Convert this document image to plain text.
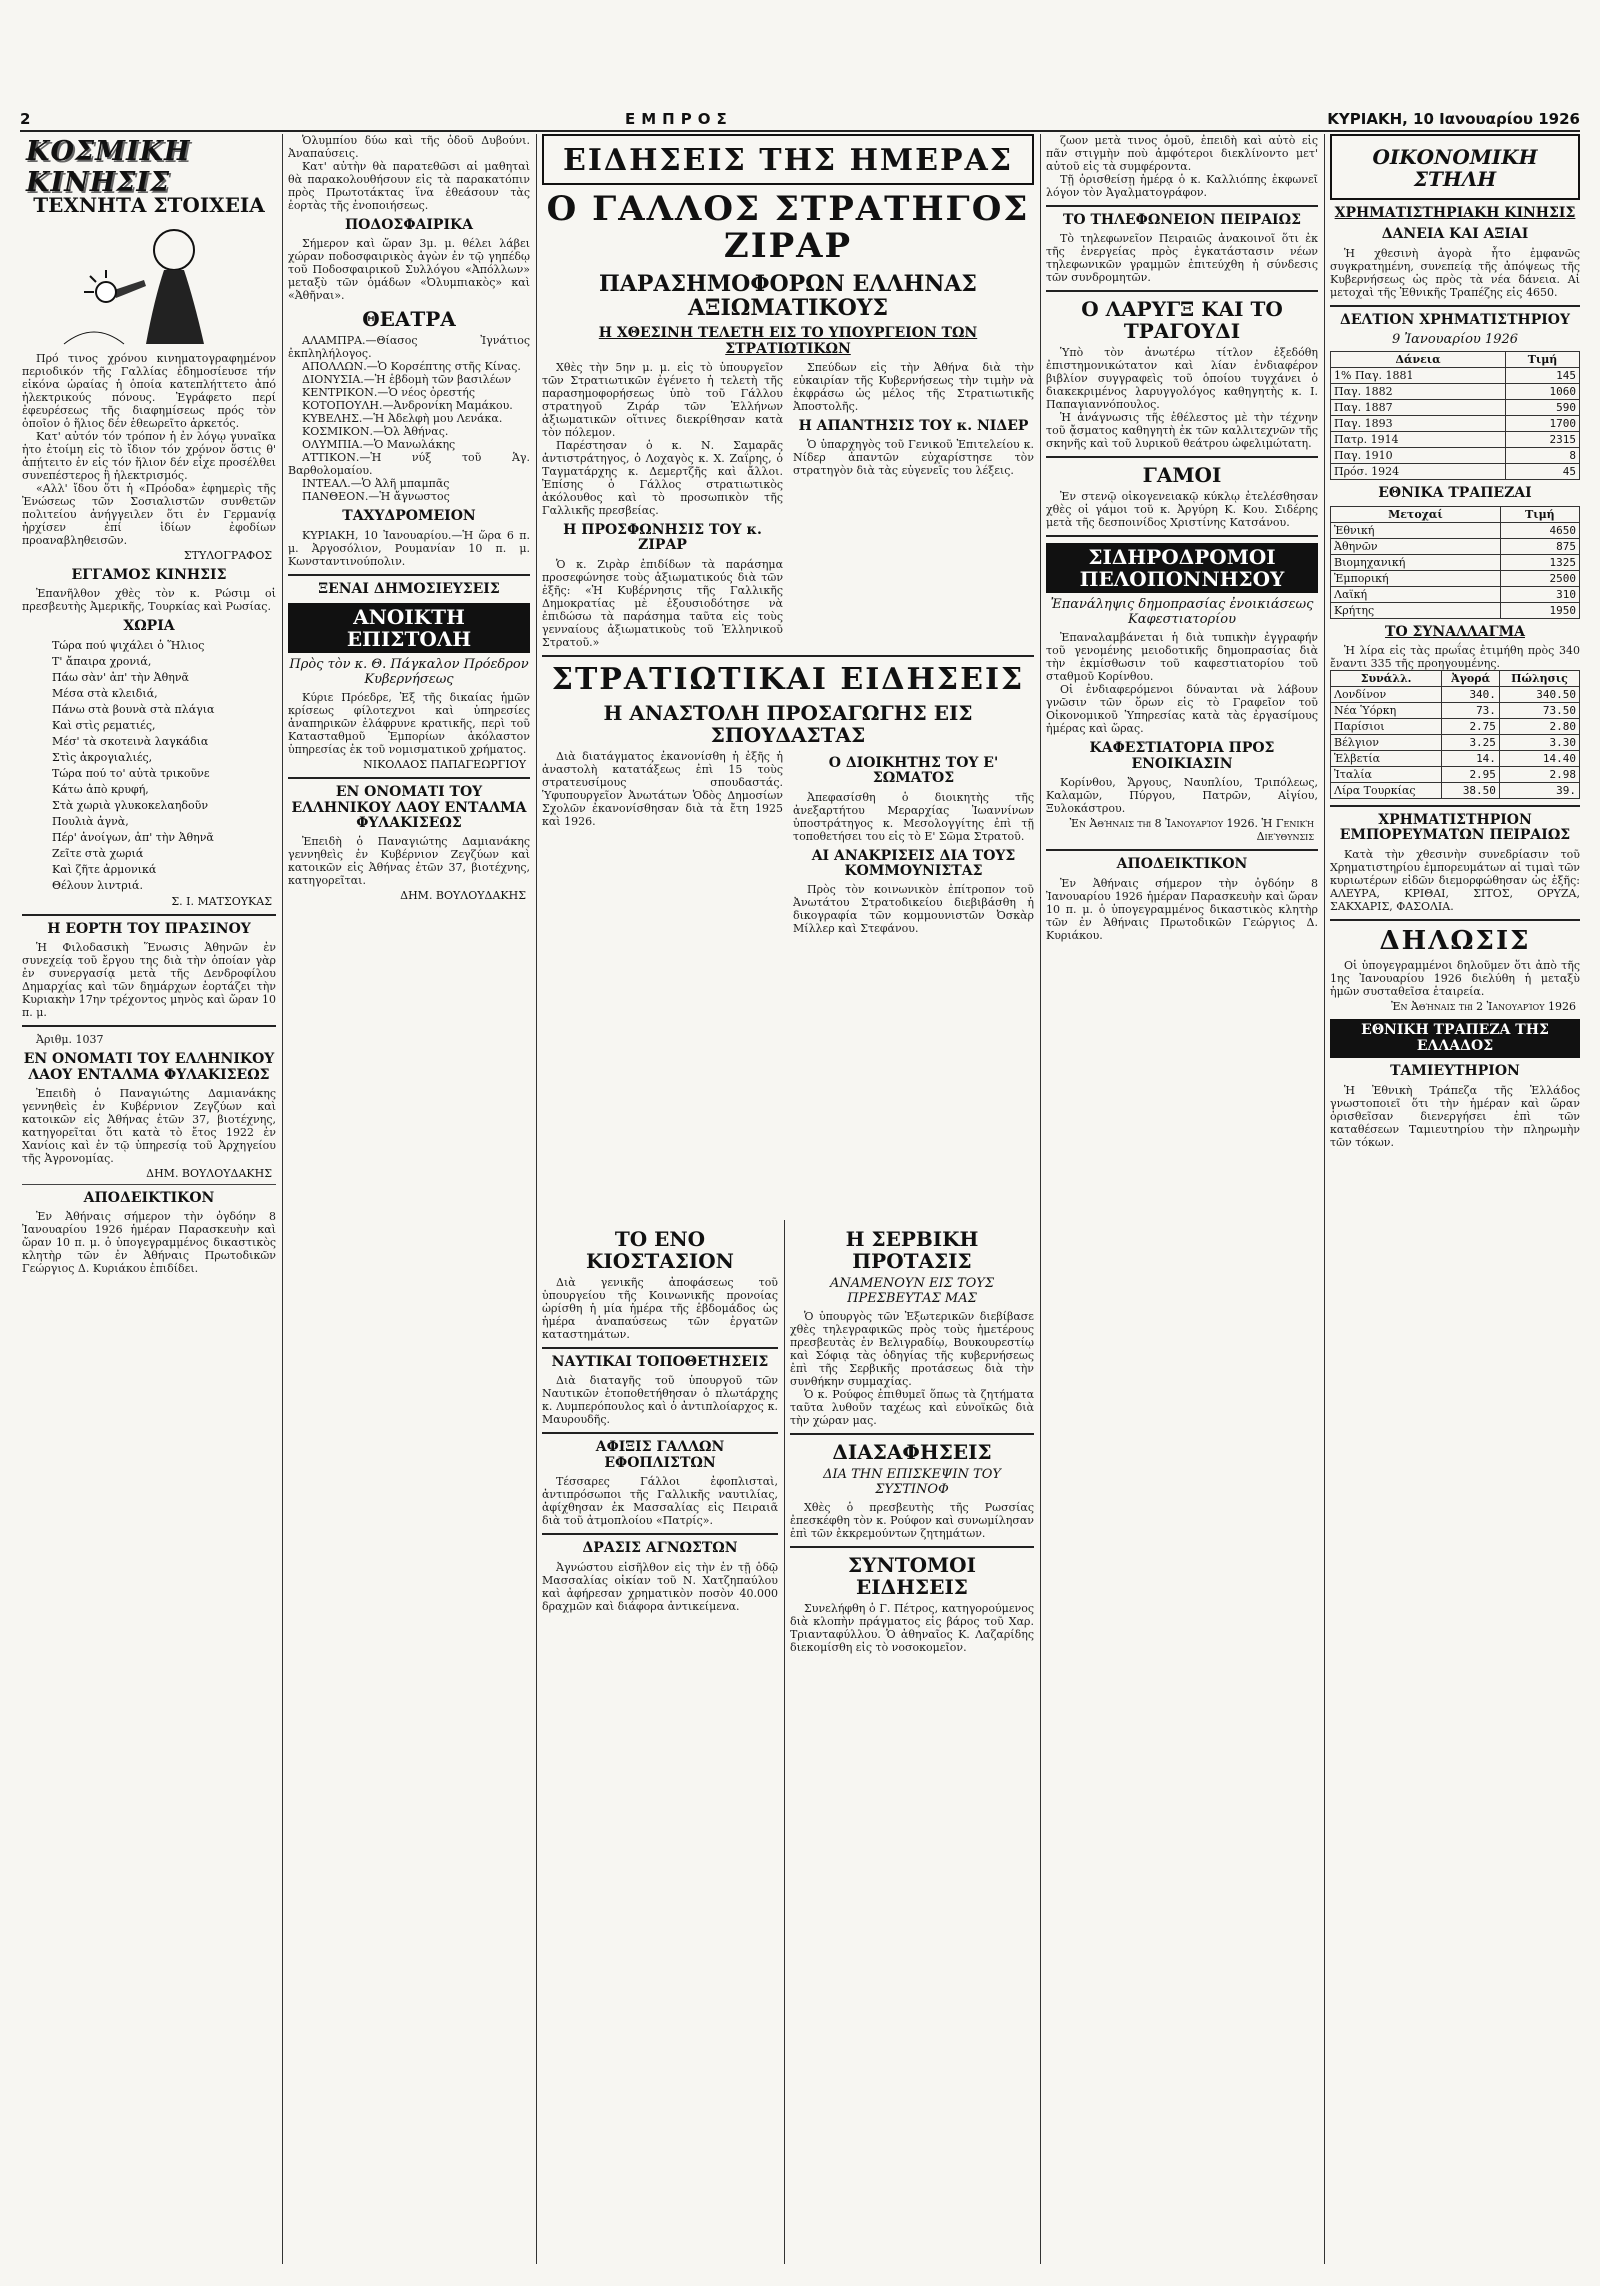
2	ΕΜΠΡΟΣ	ΚΥΡΙΑΚΗ, 10 Ιανουαρίου 1926
ΚΟΣΜΙΚΗ ΚΙΝΗΣΙΣ
ΤΕΧΝΗΤΑ ΣΤΟΙΧΕΙΑ

Πρό τινος χρόνου κινηματογραφημένον περιοδικόν τῆς Γαλλίας ἐδημοσίευσε τήν εἰκόνα ὡραίας ἡ ὁποία κατεπλήττετο ἀπό ἠλεκτρικούς πόνους. Ἐγράφετο περί ἐφευρέσεως τῆς διαφημίσεως πρός τὸν ὁποῖον ὁ ἥλιος δέν ἐθεωρεῖτο ἀρκετός.

Κατ' αὐτόν τόν τρόπον ἡ ἐν λόγῳ γυναῖκα ἡτο ἐτοίμη εἰς τὸ ἴδιον τόν χρόνον ὅστις θ' ἀπῄτειτο ἐν εἰς τόν ἥλιον δέν εἶχε προσέλθει συνεπέστερος ἢ ἠλεκτρισμός.

«Αλλ' ἴδου ὅτι ἡ «Πρόοδα» ἐφημερὶς τῆς Ἐνώσεως τῶν Σοσιαλιστῶν συνθετῶν πολιτείου ἀνήγγειλεν ὅτι ἐν Γερμανίᾳ ἠρχίσεν ἐπί ἰδίων ἐφοδίων προαναβληθεισῶν.

ΣΤΥΛΟΓΡΑΦΟΣ
ΕΓΓΑΜΟΣ ΚΙΝΗΣΙΣ

Ἐπανῆλθον χθὲς τὸν κ. Ρώσιμ οἱ πρεσβευτὴς Ἀμερικῆς, Τουρκίας καὶ Ρωσίας.

ΧΩΡΙΑ
Τώρα πού ψιχάλει ὁ Ἥλιος
Τ' ἄπαιρα χρονιά,
Πάω σὰν' ἀπ' τὴν Ἀθηνᾶ
Μέσα στὰ κλειδιά,
Πάνω στὰ βουνὰ στὰ πλάγια
Καὶ στὶς ρεματιές,
Μέσ' τὰ σκοτεινὰ λαγκάδια
Στὶς ἀκρογιαλιές,
Τώρα πού το' αὐτὰ τρικοῦνε
Κάτω ἀπὸ κρυφή,
Στὰ χωριὰ γλυκοκελαηδοῦν
Πουλιὰ ἀγνὰ,
Πέρ' ἀνοίγων, ἀπ' τὴν Ἀθηνᾶ
Ζεῖτε στὰ χωριά
Καὶ ζῆτε ἀρμονικά
Θέλουν λιντριά.
Σ. Ι. ΜΑΤΣΟΥΚΑΣ
Η ΕΟΡΤΗ ΤΟΥ ΠΡΑΣΙΝΟΥ

Ἡ Φιλοδασικὴ Ἕνωσις Ἀθηνῶν ἐν συνεχείᾳ τοῦ ἔργου της διὰ τὴν ὁποίαν γὰρ ἐν συνεργασίᾳ μετὰ τῆς Δενδροφίλου Δημαρχίας καὶ τῶν δημάρχων ἑορτάζει τὴν Κυριακὴν 17ην τρέχοντος μηνὸς καὶ ὥραν 10 π. μ.

Ἀριθμ. 1037
ΕΝ ΟΝΟΜΑΤΙ ΤΟΥ ΕΛΛΗΝΙΚΟΥ ΛΑΟΥ ΕΝΤΑΛΜΑ ΦΥΛΑΚΙΣΕΩΣ

Ἐπειδὴ ὁ Παναγιώτης Δαμιανάκης γεννηθεὶς ἐν Κυβέρνιον Ζεγζύων καὶ κατοικῶν εἰς Ἀθήνας ἐτῶν 37, βιοτέχνης, κατηγορεῖται ὅτι κατὰ τὸ ἔτος 1922 ἐν Χανίοις καὶ ἐν τῷ ὑπηρεσίᾳ τοῦ Ἀρχηγείου τῆς Ἀγρονομίας.

ΔΗΜ. ΒΟΥΛΟΥΔΑΚΗΣ
ΑΠΟΔΕΙΚΤΙΚΟΝ

Ἐν Ἀθήναις σήμερον τὴν ὀγδόην 8 Ἰανουαρίου 1926 ἡμέραν Παρασκευὴν καὶ ὥραν 10 π. μ. ὁ ὑπογεγραμμένος δικαστικὸς κλητὴρ τῶν ἐν Ἀθήναις Πρωτοδικῶν Γεώργιος Δ. Κυριάκου ἐπιδίδει.

Ὁλυμπίου δύω καὶ τῆς ὁδοῦ Δυβούνι. Ἀναπαύσεις.

Κατ' αὐτὴν θὰ παρατεθῶσι αἱ μαθηταὶ θὰ παρακολουθήσουν εἰς τὰ παρακατόπιν πρὸς Πρωτοτάκτας ἵνα ἐθεάσουν τὰς ἑορτὰς τῆς ἐνοποιήσεως.

ΠΟΔΟΣΦΑΙΡΙΚΑ

Σήμερον καὶ ὥραν 3μ. μ. θέλει λάβει χώραν ποδοσφαιρικὸς ἀγὼν ἐν τῷ γηπέδῳ τοῦ Ποδοσφαιρικοῦ Συλλόγου «Ἀπόλλων» μεταξὺ τῶν ὁμάδων «Ὀλυμπιακὸς» καὶ «Ἀθῆναι».

ΘΕΑΤΡΑ

ΑΛΑΜΠΡΑ.—Θίασος Ἰγνάτιος ἐκπληλήλογος.

ΑΠΟΛΛΩΝ.—Ὁ Κορσέπτης στῆς Κίνας.

ΔΙΟΝΥΣΙΑ.—Ἡ ἑβδομὴ τῶν βασιλέων

ΚΕΝΤΡΙΚΟΝ.—Ὁ νέος ὀρεστής

ΚΟΤΟΠΟΥΛΗ.—Ἀνδρονίκη Μαμάκου.

ΚΥΒΕΛΗΣ.—Ἡ Ἀδελφὴ μου Λενάκα.

ΚΟΣΜΙΚΟΝ.—Ὀλ Ἀθήνας.

ΟΛΥΜΠΙΑ.—Ὁ Μανωλάκης

ΑΤΤΙΚΟΝ.—Ἡ νύξ τοῦ Ἁγ. Βαρθολομαίου.

ΙΝΤΕΑΛ.—Ὁ Ἀλῆ μπαμπᾶς

ΠΑΝΘΕΟΝ.—Ἡ ἄγνωστος

ΤΑΧΥΔΡΟΜΕΙΟΝ

ΚΥΡΙΑΚΗ, 10 Ἰανουαρίου.—Ἡ ὥρα 6 π. μ. Ἀργοσόλιον, Ρουμανίαν 10 π. μ. Κωνσταντινούπολιν.

ΞΕΝΑΙ ΔΗΜΟΣΙΕΥΣΕΙΣ
ΑΝΟΙΚΤΗ ΕΠΙΣΤΟΛΗ
Πρὸς τὸν κ. Θ. Πάγκαλον Πρόεδρον Κυβερνήσεως

Κύριε Πρόεδρε, Ἐξ τῆς δικαίας ἡμῶν κρίσεως φίλοτεχνοι καὶ ὑπηρεσίες ἀναπηρικῶν ἐλάφρυνε κρατικῆς, περὶ τοῦ Κατασταθμοῦ Ἐμπορίων ἀκόλαστον ὑπηρεσίας ἐκ τοῦ νομισματικοῦ χρήματος.

ΝΙΚΟΛΑΟΣ ΠΑΠΑΓΕΩΡΓΙΟΥ
ΕΝ ΟΝΟΜΑΤΙ ΤΟΥ ΕΛΛΗΝΙΚΟΥ ΛΑΟΥ ΕΝΤΑΛΜΑ ΦΥΛΑΚΙΣΕΩΣ

Ἐπειδὴ ὁ Παναγιώτης Δαμιανάκης γεννηθεὶς ἐν Κυβέρνιον Ζεγζύων καὶ κατοικῶν εἰς Ἀθήνας ἐτῶν 37, βιοτέχνης, κατηγορεῖται.

ΔΗΜ. ΒΟΥΛΟΥΔΑΚΗΣ
ΕΙΔΗΣΕΙΣ ΤΗΣ ΗΜΕΡΑΣ
Ο ΓΑΛΛΟΣ ΣΤΡΑΤΗΓΟΣ ΖΙΡΑΡ
ΠΑΡΑΣΗΜΟΦΟΡΩΝ ΕΛΛΗΝΑΣ ΑΞΙΩΜΑΤΙΚΟΥΣ
Η ΧΘΕΣΙΝΗ ΤΕΛΕΤΗ ΕΙΣ ΤΟ ΥΠΟΥΡΓΕΙΟΝ ΤΩΝ ΣΤΡΑΤΙΩΤΙΚΩΝ

Χθὲς τὴν 5ην μ. μ. εἰς τὸ ὑπουργεῖον τῶν Στρατιωτικῶν ἐγένετο ἡ τελετὴ τῆς παρασημοφορήσεως ὑπὸ τοῦ Γάλλου στρατηγοῦ Ζιράρ τῶν Ἑλλήνων ἀξιωματικῶν οἵτινες διεκρίθησαν κατὰ τὸν πόλεμον.

Παρέστησαν ὁ κ. Ν. Σαμαρᾶς ἀντιστράτηγος, ὁ Λοχαγὸς κ. Χ. Ζαΐρης, ὁ Ταγματάρχης κ. Δεμερτζῆς καὶ ἄλλοι. Ἐπίσης ὁ Γάλλος στρατιωτικὸς ἀκόλουθος καὶ τὸ προσωπικὸν τῆς Γαλλικῆς πρεσβείας.

Η ΠΡΟΣΦΩΝΗΣΙΣ ΤΟΥ κ. ΖΙΡΑΡ

Ὁ κ. Ζιρὰρ ἐπιδίδων τὰ παράσημα προσεφώνησε τοὺς ἀξιωματικούς διὰ τῶν ἑξῆς: «Ἡ Κυβέρνησις τῆς Γαλλικῆς Δημοκρατίας μὲ ἐξουσιοδότησε νὰ ἐπιδώσω τὰ παράσημα ταῦτα εἰς τοὺς γενναίους ἀξιωματικοὺς τοῦ Ἑλληνικοῦ Στρατοῦ.»

Σπεύδων εἰς τὴν Ἀθήνα διὰ τὴν εὐκαιρίαν τῆς Κυβερνήσεως τὴν τιμὴν νὰ ἐκφράσω ὡς μέλος τῆς Στρατιωτικῆς Ἀποστολῆς.

Η ΑΠΑΝΤΗΣΙΣ ΤΟΥ κ. ΝΙΔΕΡ

Ὁ ὑπαρχηγὸς τοῦ Γενικοῦ Ἐπιτελείου κ. Νίδερ ἀπαντῶν εὐχαρίστησε τὸν στρατηγὸν διὰ τὰς εὐγενεῖς του λέξεις.

ΣΤΡΑΤΙΩΤΙΚΑΙ ΕΙΔΗΣΕΙΣ
Η ΑΝΑΣΤΟΛΗ ΠΡΟΣΑΓΩΓΗΣ ΕΙΣ ΣΠΟΥΔΑΣΤΑΣ

Διὰ διατάγματος ἐκανονίσθη ἡ ἐξῆς ἡ ἀναστολὴ κατατάξεως ἐπὶ 15 τοὺς στρατευσίμους σπουδαστάς. Ὑφυπουργεῖον Ἀνωτάτων Ὁδὸς Δημοσίων Σχολῶν ἐκανονίσθησαν διὰ τὰ ἔτη 1925 καὶ 1926.

Ο ΔΙΟΙΚΗΤΗΣ ΤΟΥ Ε' ΣΩΜΑΤΟΣ

Ἀπεφασίσθη ὁ διοικητὴς τῆς ἀνεξαρτήτου Μεραρχίας Ἰωαννίνων ὑποστράτηγος κ. Μεσολογγίτης ἐπὶ τῇ τοποθετήσει του εἰς τὸ Ε' Σῶμα Στρατοῦ.

ΑΙ ΑΝΑΚΡΙΣΕΙΣ ΔΙΑ ΤΟΥΣ ΚΟΜΜΟΥΝΙΣΤΑΣ

Πρὸς τὸν κοινωνικὸν ἐπίτροπον τοῦ Ἀνωτάτου Στρατοδικείου διεβιβάσθη ἡ δικογραφία τῶν κομμουνιστῶν Ὀσκὰρ Μίλλερ καὶ Στεφάνου.

ΤΟ ΕΝΟ ΚΙΟΣΤΑΣΙΟΝ

Διὰ γενικῆς ἀποφάσεως τοῦ ὑπουργείου τῆς Κοινωνικῆς προνοίας ὡρίσθη ἡ μία ἡμέρα τῆς ἑβδομάδος ὡς ἡμέρα ἀναπαύσεως τῶν ἐργατῶν καταστημάτων.

ΝΑΥΤΙΚΑΙ ΤΟΠΟΘΕΤΗΣΕΙΣ

Διὰ διαταγῆς τοῦ ὑπουργοῦ τῶν Ναυτικῶν ἐτοποθετήθησαν ὁ πλωτάρχης κ. Λυμπερόπουλος καὶ ὁ ἀντιπλοίαρχος κ. Μαυρουδῆς.

ΑΦΙΞΙΣ ΓΑΛΛΩΝ ΕΦΟΠΛΙΣΤΩΝ

Τέσσαρες Γάλλοι ἐφοπλισταὶ, ἀντιπρόσωποι τῆς Γαλλικῆς ναυτιλίας, ἀφίχθησαν ἐκ Μασσαλίας εἰς Πειραιᾶ διὰ τοῦ ἀτμοπλοίου «Πατρίς».

ΔΡΑΣΙΣ ΑΓΝΩΣΤΩΝ

Ἀγνώστου εἰσῆλθον εἰς τὴν ἐν τῇ ὁδῷ Μασσαλίας οἰκίαν τοῦ Ν. Χατζηπαύλου καὶ ἀφήρεσαν χρηματικὸν ποσὸν 40.000 δραχμῶν καὶ διάφορα ἀντικείμενα.

Η ΣΕΡΒΙΚΗ ΠΡΟΤΑΣΙΣ
ΑΝΑΜΕΝΟΥΝ ΕΙΣ ΤΟΥΣ ΠΡΕΣΒΕΥΤΑΣ ΜΑΣ

Ὁ ὑπουργὸς τῶν Ἐξωτερικῶν διεβίβασε χθὲς τηλεγραφικῶς πρὸς τοὺς ἡμετέρους πρεσβευτὰς ἐν Βελιγραδίῳ, Βουκουρεστίῳ καὶ Σόφιᾳ τὰς ὁδηγίας τῆς κυβερνήσεως ἐπὶ τῆς Σερβικῆς προτάσεως διὰ τὴν συνθήκην συμμαχίας.

Ὁ κ. Ρούφος ἐπιθυμεῖ ὅπως τὰ ζητήματα ταῦτα λυθοῦν ταχέως καὶ εὐνοϊκῶς διὰ τὴν χώραν μας.

ΔΙΑΣΑΦΗΣΕΙΣ
ΔΙΑ ΤΗΝ ΕΠΙΣΚΕΨΙΝ ΤΟΥ ΣΥΣΤΙΝΟΦ

Χθὲς ὁ πρεσβευτὴς τῆς Ρωσσίας ἐπεσκέφθη τὸν κ. Ρούφον καὶ συνωμίλησαν ἐπὶ τῶν ἐκκρεμούντων ζητημάτων.

ΣΥΝΤΟΜΟΙ ΕΙΔΗΣΕΙΣ

Συνελήφθη ὁ Γ. Πέτρος, κατηγορούμενος διὰ κλοπὴν πράγματος εἰς βάρος τοῦ Χαρ. Τριανταφύλλου. Ὁ ἀθηναῖος Κ. Λαζαρίδης διεκομίσθη εἰς τὸ νοσοκομεῖον.

ζωον μετὰ τινος ὁμοῦ, ἐπειδὴ καὶ αὐτὸ εἰς πᾶν στιγμὴν ποὺ ἀμφότεροι διεκλίνοντο μετ' αὐτοῦ εἰς τὰ συμφέροντα.

Τῇ ὁρισθείσῃ ἡμέρᾳ ὁ κ. Καλλιόπης ἐκφωνεῖ λόγον τὸν Ἀγαλματογράφον.

ΤΟ ΤΗΛΕΦΩΝΕΙΟΝ ΠΕΙΡΑΙΩΣ

Τὸ τηλεφωνεῖον Πειραιῶς ἀνακοινοῖ ὅτι ἐκ τῆς ἐνεργείας πρὸς ἐγκατάστασιν νέων τηλεφωνικῶν γραμμῶν ἐπιτεύχθη ἡ σύνδεσις τῶν συνδρομητῶν.

Ο ΛΑΡΥΓΞ ΚΑΙ ΤΟ ΤΡΑΓΟΥΔΙ

Ὑπὸ τὸν ἀνωτέρω τίτλον ἐξεδόθη ἐπιστημονικώτατον καὶ λίαν ἐνδιαφέρον βιβλίον συγγραφεὶς τοῦ ὁποίου τυγχάνει ὁ διακεκριμένος λαρυγγολόγος καθηγητὴς κ. Ι. Παπαγιαννόπουλος.

Ἡ ἀνάγνωσις τῆς ἐθέλεστος μὲ τὴν τέχνην τοῦ ᾄσματος καθηγητὴ ἐκ τῶν καλλιτεχνῶν τῆς σκηνῆς καὶ τοῦ λυρικοῦ θεάτρου ὠφελιμώτατη.

ΓΑΜΟΙ

Ἐν στενῷ οἰκογενειακῷ κύκλῳ ἐτελέσθησαν χθὲς οἱ γάμοι τοῦ κ. Ἀργύρη Κ. Κου. Σιδέρης μετὰ τῆς δεσποινίδος Χριστίνης Κατσάνου.

ΣΙΔΗΡΟΔΡΟΜΟΙ ΠΕΛΟΠΟΝΝΗΣΟΥ
Ἐπανάληψις δημοπρασίας ἐνοικιάσεως Καφεστιατορίου

Ἐπαναλαμβάνεται ἡ διὰ τυπικὴν ἐγγραφήν τοῦ γενομένης μειοδοτικῆς δημοπρασίας διὰ τὴν ἐκμίσθωσιν τοῦ καφεστιατορίου τοῦ σταθμοῦ Κορίνθου.

Οἱ ἐνδιαφερόμενοι δύνανται νὰ λάβουν γνῶσιν τῶν ὅρων εἰς τὸ Γραφεῖον τοῦ Οἰκονομικοῦ Ὑπηρεσίας κατὰ τὰς ἐργασίμους ἡμέρας καὶ ὥρας.

ΚΑΦΕΣΤΙΑΤΟΡΙΑ ΠΡΟΣ ΕΝΟΙΚΙΑΣΙΝ

Κορίνθου, Ἄργους, Ναυπλίου, Τριπόλεως, Καλαμῶν, Πύργου, Πατρῶν, Αἰγίου, Ξυλοκάστρου.

Ἐν Ἀθήναις τῇ 8 Ἰανουαρίου 1926. Ἡ Γενικὴ Διεύθυνσις
ΑΠΟΔΕΙΚΤΙΚΟΝ

Ἐν Ἀθήναις σήμερον τὴν ὀγδόην 8 Ἰανουαρίου 1926 ἡμέραν Παρασκευὴν καὶ ὥραν 10 π. μ. ὁ ὑπογεγραμμένος δικαστικὸς κλητὴρ τῶν ἐν Ἀθήναις Πρωτοδικῶν Γεώργιος Δ. Κυριάκου.

ΟΙΚΟΝΟΜΙΚΗ ΣΤΗΛΗ
ΧΡΗΜΑΤΙΣΤΗΡΙΑΚΗ ΚΙΝΗΣΙΣ
ΔΑΝΕΙΑ ΚΑΙ ΑΞΙΑΙ

Ἡ χθεσινὴ ἀγορὰ ἦτο ἐμφανῶς συγκρατημένη, συνεπείᾳ τῆς ἀπόψεως τῆς Κυβερνήσεως ὡς πρὸς τὰ νέα δάνεια. Αἱ μετοχαὶ τῆς Ἐθνικῆς Τραπέζης εἰς 4650.

ΔΕΛΤΙΟΝ ΧΡΗΜΑΤΙΣΤΗΡΙΟΥ
9 Ἰανουαρίου 1926
Δάνεια	Τιμή
1% Παγ. 1881	145
Παγ. 1882	1060
Παγ. 1887	590
Παγ. 1893	1700
Πατρ. 1914	2315
Παγ. 1910	8
Πρόσ. 1924	45
ΕΘΝΙΚΑ ΤΡΑΠΕΖΑΙ
Μετοχαί	Τιμή
Ἐθνική	4650
Ἀθηνῶν	875
Βιομηχανική	1325
Ἐμπορική	2500
Λαϊκή	310
Κρήτης	1950
ΤΟ ΣΥΝΑΛΛΑΓΜΑ

Ἡ λίρα εἰς τὰς πρωΐας ἐτιμήθη πρὸς 340 ἔναντι 335 τῆς προηγουμένης.

Συνάλλ.	Ἀγορά	Πώλησις
Λονδίνον	340.	340.50
Νέα Ὑόρκη	73.	73.50
Παρίσιοι	2.75	2.80
Βέλγιον	3.25	3.30
Ἑλβετία	14.	14.40
Ἰταλία	2.95	2.98
Λίρα Τουρκίας	38.50	39.
ΧΡΗΜΑΤΙΣΤΗΡΙΟΝ ΕΜΠΟΡΕΥΜΑΤΩΝ ΠΕΙΡΑΙΩΣ

Κατὰ τὴν χθεσινὴν συνεδρίασιν τοῦ Χρηματιστηρίου ἐμπορευμάτων αἱ τιμαὶ τῶν κυριωτέρων εἰδῶν διεμορφώθησαν ὡς ἑξῆς: ΑΛΕΥΡΑ, ΚΡΙΘΑΙ, ΣΙΤΟΣ, ΟΡΥΖΑ, ΣΑΚΧΑΡΙΣ, ΦΑΣΟΛΙΑ.

ΔΗΛΩΣΙΣ

Οἱ ὑπογεγραμμένοι δηλοῦμεν ὅτι ἀπὸ τῆς 1ης Ἰανουαρίου 1926 διελύθη ἡ μεταξὺ ἡμῶν συσταθεῖσα ἑταιρεία.

Ἐν Ἀθήναις τῇ 2 Ἰανουαρίου 1926
ΕΘΝΙΚΗ ΤΡΑΠΕΖΑ ΤΗΣ ΕΛΛΑΔΟΣ
ΤΑΜΙΕΥΤΗΡΙΟΝ

Ἡ Ἐθνικὴ Τράπεζα τῆς Ἑλλάδος γνωστοποιεῖ ὅτι τὴν ἡμέραν καὶ ὥραν ὁρισθεῖσαν διενεργήσει ἐπὶ τῶν καταθέσεων Ταμιευτηρίου τὴν πληρωμὴν τῶν τόκων.
